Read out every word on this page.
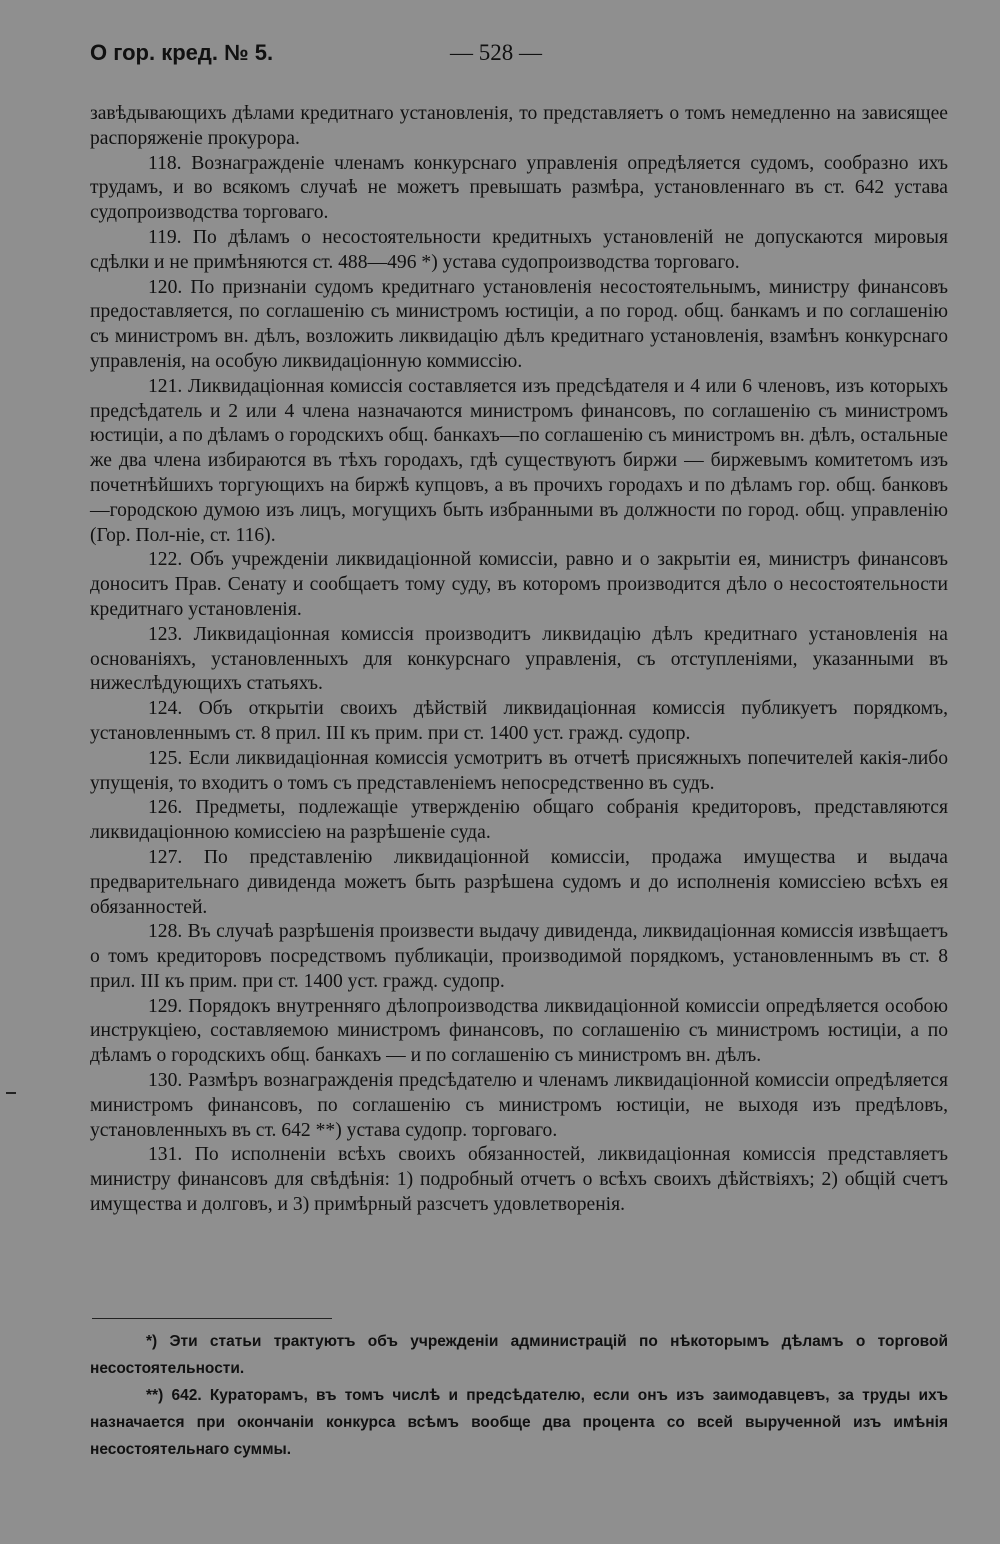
О гор. кред. № 5.	— 528 —

завѣдывающихъ дѣлами кредитнаго установленія, то представляетъ о томъ немедленно на зависящее распоряженіе прокурора.

118. Вознагражденіе членамъ конкурснаго управленія опредѣляется судомъ, сообразно ихъ трудамъ, и во всякомъ случаѣ не можетъ превышать размѣра, установленнаго въ ст. 642 устава судопроизводства торговаго.

119. По дѣламъ о несостоятельности кредитныхъ установленій не допускаются мировыя сдѣлки и не примѣняются ст. 488—496 *) устава судопроизводства торговаго.

120. По признаніи судомъ кредитнаго установленія несостоятельнымъ, министру финансовъ предоставляется, по соглашенію съ министромъ юстиціи, а по город. общ. банкамъ и по соглашенію съ министромъ вн. дѣлъ, возложить ликвидацію дѣлъ кредитнаго установленія, взамѣнъ конкурснаго управленія, на особую ликвидаціонную коммиссію.

121. Ликвидаціонная комиссія составляется изъ предсѣдателя и 4 или 6 членовъ, изъ которыхъ предсѣдатель и 2 или 4 члена назначаются министромъ финансовъ, по соглашенію съ министромъ юстиціи, а по дѣламъ о городскихъ общ. банкахъ—по соглашенію съ министромъ вн. дѣлъ, остальные же два члена избираются въ тѣхъ городахъ, гдѣ существуютъ биржи — биржевымъ комитетомъ изъ почетнѣйшихъ торгующихъ на биржѣ купцовъ, а въ прочихъ городахъ и по дѣламъ гор. общ. банковъ—городскою думою изъ лицъ, могущихъ быть избранными въ должности по город. общ. управленію (Гор. Пол-ніе, ст. 116).

122. Объ учрежденіи ликвидаціонной комиссіи, равно и о закрытіи ея, министръ финансовъ доноситъ Прав. Сенату и сообщаетъ тому суду, въ которомъ производится дѣло о несостоятельности кредитнаго установленія.

123. Ликвидаціонная комиссія производитъ ликвидацію дѣлъ кредитнаго установленія на основаніяхъ, установленныхъ для конкурснаго управленія, съ отступленіями, указанными въ нижеслѣдующихъ статьяхъ.

124. Объ открытіи своихъ дѣйствій ликвидаціонная комиссія публикуетъ порядкомъ, установленнымъ ст. 8 прил. III къ прим. при ст. 1400 уст. гражд. судопр.

125. Если ликвидаціонная комиссія усмотритъ въ отчетѣ присяжныхъ попечителей какія-либо упущенія, то входитъ о томъ съ представленіемъ непосредственно въ судъ.

126. Предметы, подлежащіе утвержденію общаго собранія кредиторовъ, представляются ликвидаціонною комиссіею на разрѣшеніе суда.

127. По представленію ликвидаціонной комиссіи, продажа имущества и выдача предварительнаго дивиденда можетъ быть разрѣшена судомъ и до исполненія комиссіею всѣхъ ея обязанностей.

128. Въ случаѣ разрѣшенія произвести выдачу дивиденда, ликвидаціонная комиссія извѣщаетъ о томъ кредиторовъ посредствомъ публикаціи, производимой порядкомъ, установленнымъ въ ст. 8 прил. III къ прим. при ст. 1400 уст. гражд. судопр.

129. Порядокъ внутренняго дѣлопроизводства ликвидаціонной комиссіи опредѣляется особою инструкціею, составляемою министромъ финансовъ, по соглашенію съ министромъ юстиціи, а по дѣламъ о городскихъ общ. банкахъ — и по соглашенію съ министромъ вн. дѣлъ.

130. Размѣръ вознагражденія предсѣдателю и членамъ ликвидаціонной комиссіи опредѣляется министромъ финансовъ, по соглашенію съ министромъ юстиціи, не выходя изъ предѣловъ, установленныхъ въ ст. 642 **) устава судопр. торговаго.

131. По исполненіи всѣхъ своихъ обязанностей, ликвидаціонная комиссія представляетъ министру финансовъ для свѣдѣнія: 1) подробный отчетъ о всѣхъ своихъ дѣйствіяхъ; 2) общій счетъ имущества и долговъ, и 3) примѣрный разсчетъ удовлетворенія.

*) Эти статьи трактуютъ объ учрежденіи администрацій по нѣкоторымъ дѣламъ о торговой несостоятельности.

**) 642. Кураторамъ, въ томъ числѣ и предсѣдателю, если онъ изъ заимодавцевъ, за труды ихъ назначается при окончаніи конкурса всѣмъ вообще два процента со всей вырученной изъ имѣнія несостоятельнаго суммы.
